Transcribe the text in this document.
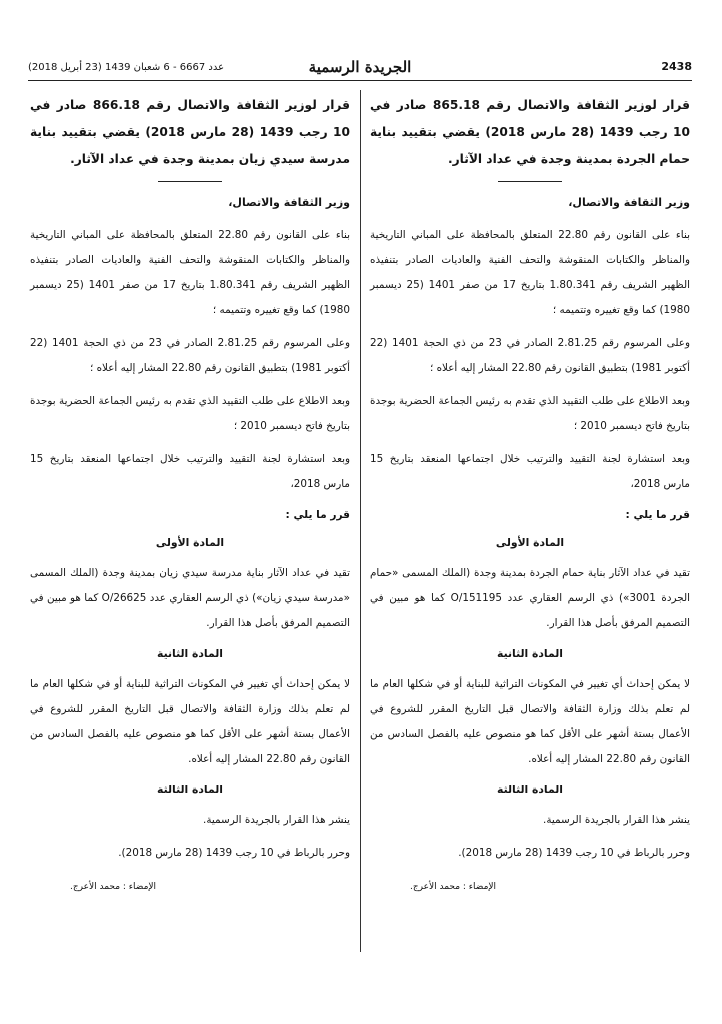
عدد 6667 - 6 شعبان 1439 (23 أبريل 2018)	الجريدة الرسمية	2438
قرار لوزير الثقافة والاتصال رقم 865.18 صادر في 10 رجب 1439 (28 مارس 2018) يقضي بتقييد بناية حمام الجردة بمدينة وجدة في عداد الآثار.
وزير الثقافة والاتصال،
بناء على القانون رقم 22.80 المتعلق بالمحافظة على المباني التاريخية والمناظر والكتابات المنقوشة والتحف الفنية والعاديات الصادر بتنفيذه الظهير الشريف رقم 1.80.341 بتاريخ 17 من صفر 1401 (25 ديسمبر 1980) كما وقع تغييره وتتميمه ؛
وعلى المرسوم رقم 2.81.25 الصادر في 23 من ذي الحجة 1401 (22 أكتوبر 1981) بتطبيق القانون رقم 22.80 المشار إليه أعلاه ؛
وبعد الاطلاع على طلب التقييد الذي تقدم به رئيس الجماعة الحضرية بوجدة بتاريخ فاتح ديسمبر 2010 ؛
وبعد استشارة لجنة التقييد والترتيب خلال اجتماعها المنعقد بتاريخ 15 مارس 2018،
قرر ما يلي :
المادة الأولى
تقيد في عداد الآثار بناية حمام الجردة بمدينة وجدة (الملك المسمى «حمام الجردة 3001») ذي الرسم العقاري عدد O/151195 كما هو مبين في التصميم المرفق بأصل هذا القرار.
المادة الثانية
لا يمكن إحداث أي تغيير في المكونات التراثية للبناية أو في شكلها العام ما لم تعلم بذلك وزارة الثقافة والاتصال قبل التاريخ المقرر للشروع في الأعمال بستة أشهر على الأقل كما هو منصوص عليه بالفصل السادس من القانون رقم 22.80 المشار إليه أعلاه.
المادة الثالثة
ينشر هذا القرار بالجريدة الرسمية.
وحرر بالرباط في 10 رجب 1439 (28 مارس 2018).
الإمضاء : محمد الأعرج.
قرار لوزير الثقافة والاتصال رقم 866.18 صادر في 10 رجب 1439 (28 مارس 2018) يقضي بتقييد بناية مدرسة سيدي زيان بمدينة وجدة في عداد الآثار.
وزير الثقافة والاتصال،
بناء على القانون رقم 22.80 المتعلق بالمحافظة على المباني التاريخية والمناظر والكتابات المنقوشة والتحف الفنية والعاديات الصادر بتنفيذه الظهير الشريف رقم 1.80.341 بتاريخ 17 من صفر 1401 (25 ديسمبر 1980) كما وقع تغييره وتتميمه ؛
وعلى المرسوم رقم 2.81.25 الصادر في 23 من ذي الحجة 1401 (22 أكتوبر 1981) بتطبيق القانون رقم 22.80 المشار إليه أعلاه ؛
وبعد الاطلاع على طلب التقييد الذي تقدم به رئيس الجماعة الحضرية بوجدة بتاريخ فاتح ديسمبر 2010 ؛
وبعد استشارة لجنة التقييد والترتيب خلال اجتماعها المنعقد بتاريخ 15 مارس 2018،
قرر ما يلي :
المادة الأولى
تقيد في عداد الآثار بناية مدرسة سيدي زيان بمدينة وجدة (الملك المسمى «مدرسة سيدي زيان») ذي الرسم العقاري عدد O/26625 كما هو مبين في التصميم المرفق بأصل هذا القرار.
المادة الثانية
لا يمكن إحداث أي تغيير في المكونات التراثية للبناية أو في شكلها العام ما لم تعلم بذلك وزارة الثقافة والاتصال قبل التاريخ المقرر للشروع في الأعمال بستة أشهر على الأقل كما هو منصوص عليه بالفصل السادس من القانون رقم 22.80 المشار إليه أعلاه.
المادة الثالثة
ينشر هذا القرار بالجريدة الرسمية.
وحرر بالرباط في 10 رجب 1439 (28 مارس 2018).
الإمضاء : محمد الأعرج.
